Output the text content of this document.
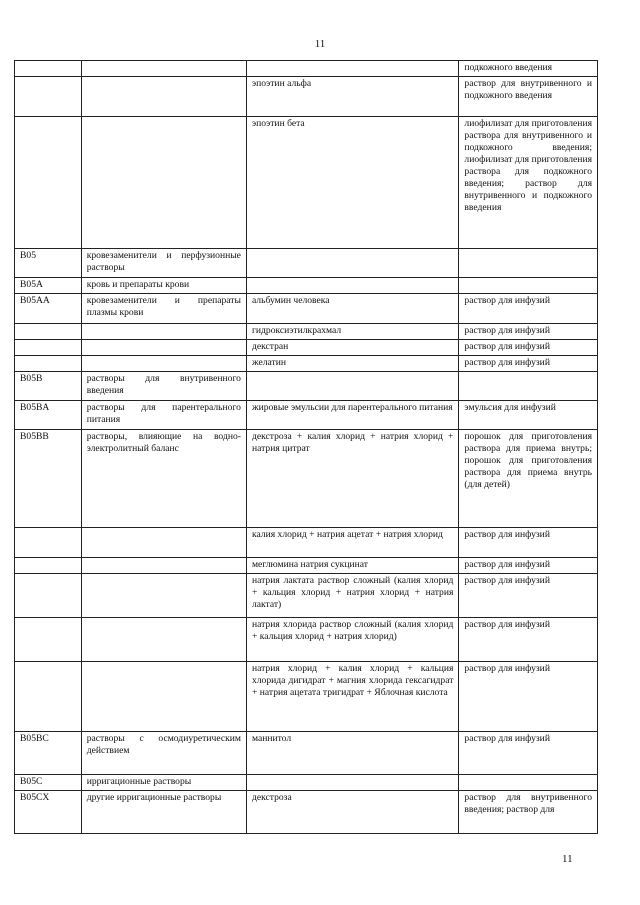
11
			подкожного введения
		эпоэтин альфа	раствор для внутривенного и подкожного введения
		эпоэтин бета	лиофилизат для приготовления раствора для внутривенного и подкожного введения; лиофилизат для приготовления раствора для подкожного введения; раствор для внутривенного и подкожного введения
B05	кровезаменители и перфузионные растворы		
B05A	кровь и препараты крови		
B05AA	кровезаменители и препараты плазмы крови	альбумин человека	раствор для инфузий
		гидроксиэтилкрахмал	раствор для инфузий
		декстран	раствор для инфузий
		желатин	раствор для инфузий
B05B	растворы для внутривенного введения		
B05BA	растворы для парентерального питания	жировые эмульсии для парентерального питания	эмульсия для инфузий
B05BB	растворы, влияющие на водно-электролитный баланс	декстроза + калия хлорид + натрия хлорид + натрия цитрат	порошок для приготовления раствора для приема внутрь; порошок для приготовления раствора для приема внутрь (для детей)
		калия хлорид + натрия ацетат + натрия хлорид	раствор для инфузий
		меглюмина натрия сукцинат	раствор для инфузий
		натрия лактата раствор сложный (калия хлорид + кальция хлорид + натрия хлорид + натрия лактат)	раствор для инфузий
		натрия хлорида раствор сложный (калия хлорид + кальция хлорид + натрия хлорид)	раствор для инфузий
		натрия хлорид + калия хлорид + кальция хлорида дигидрат + магния хлорида гексагидрат + натрия ацетата тригидрат + Яблочная кислота	раствор для инфузий
B05BC	растворы с осмодиуретическим действием	маннитол	раствор для инфузий
B05C	ирригационные растворы		
B05CX	другие ирригационные растворы	декстроза	раствор для внутривенного введения; раствор для
11
